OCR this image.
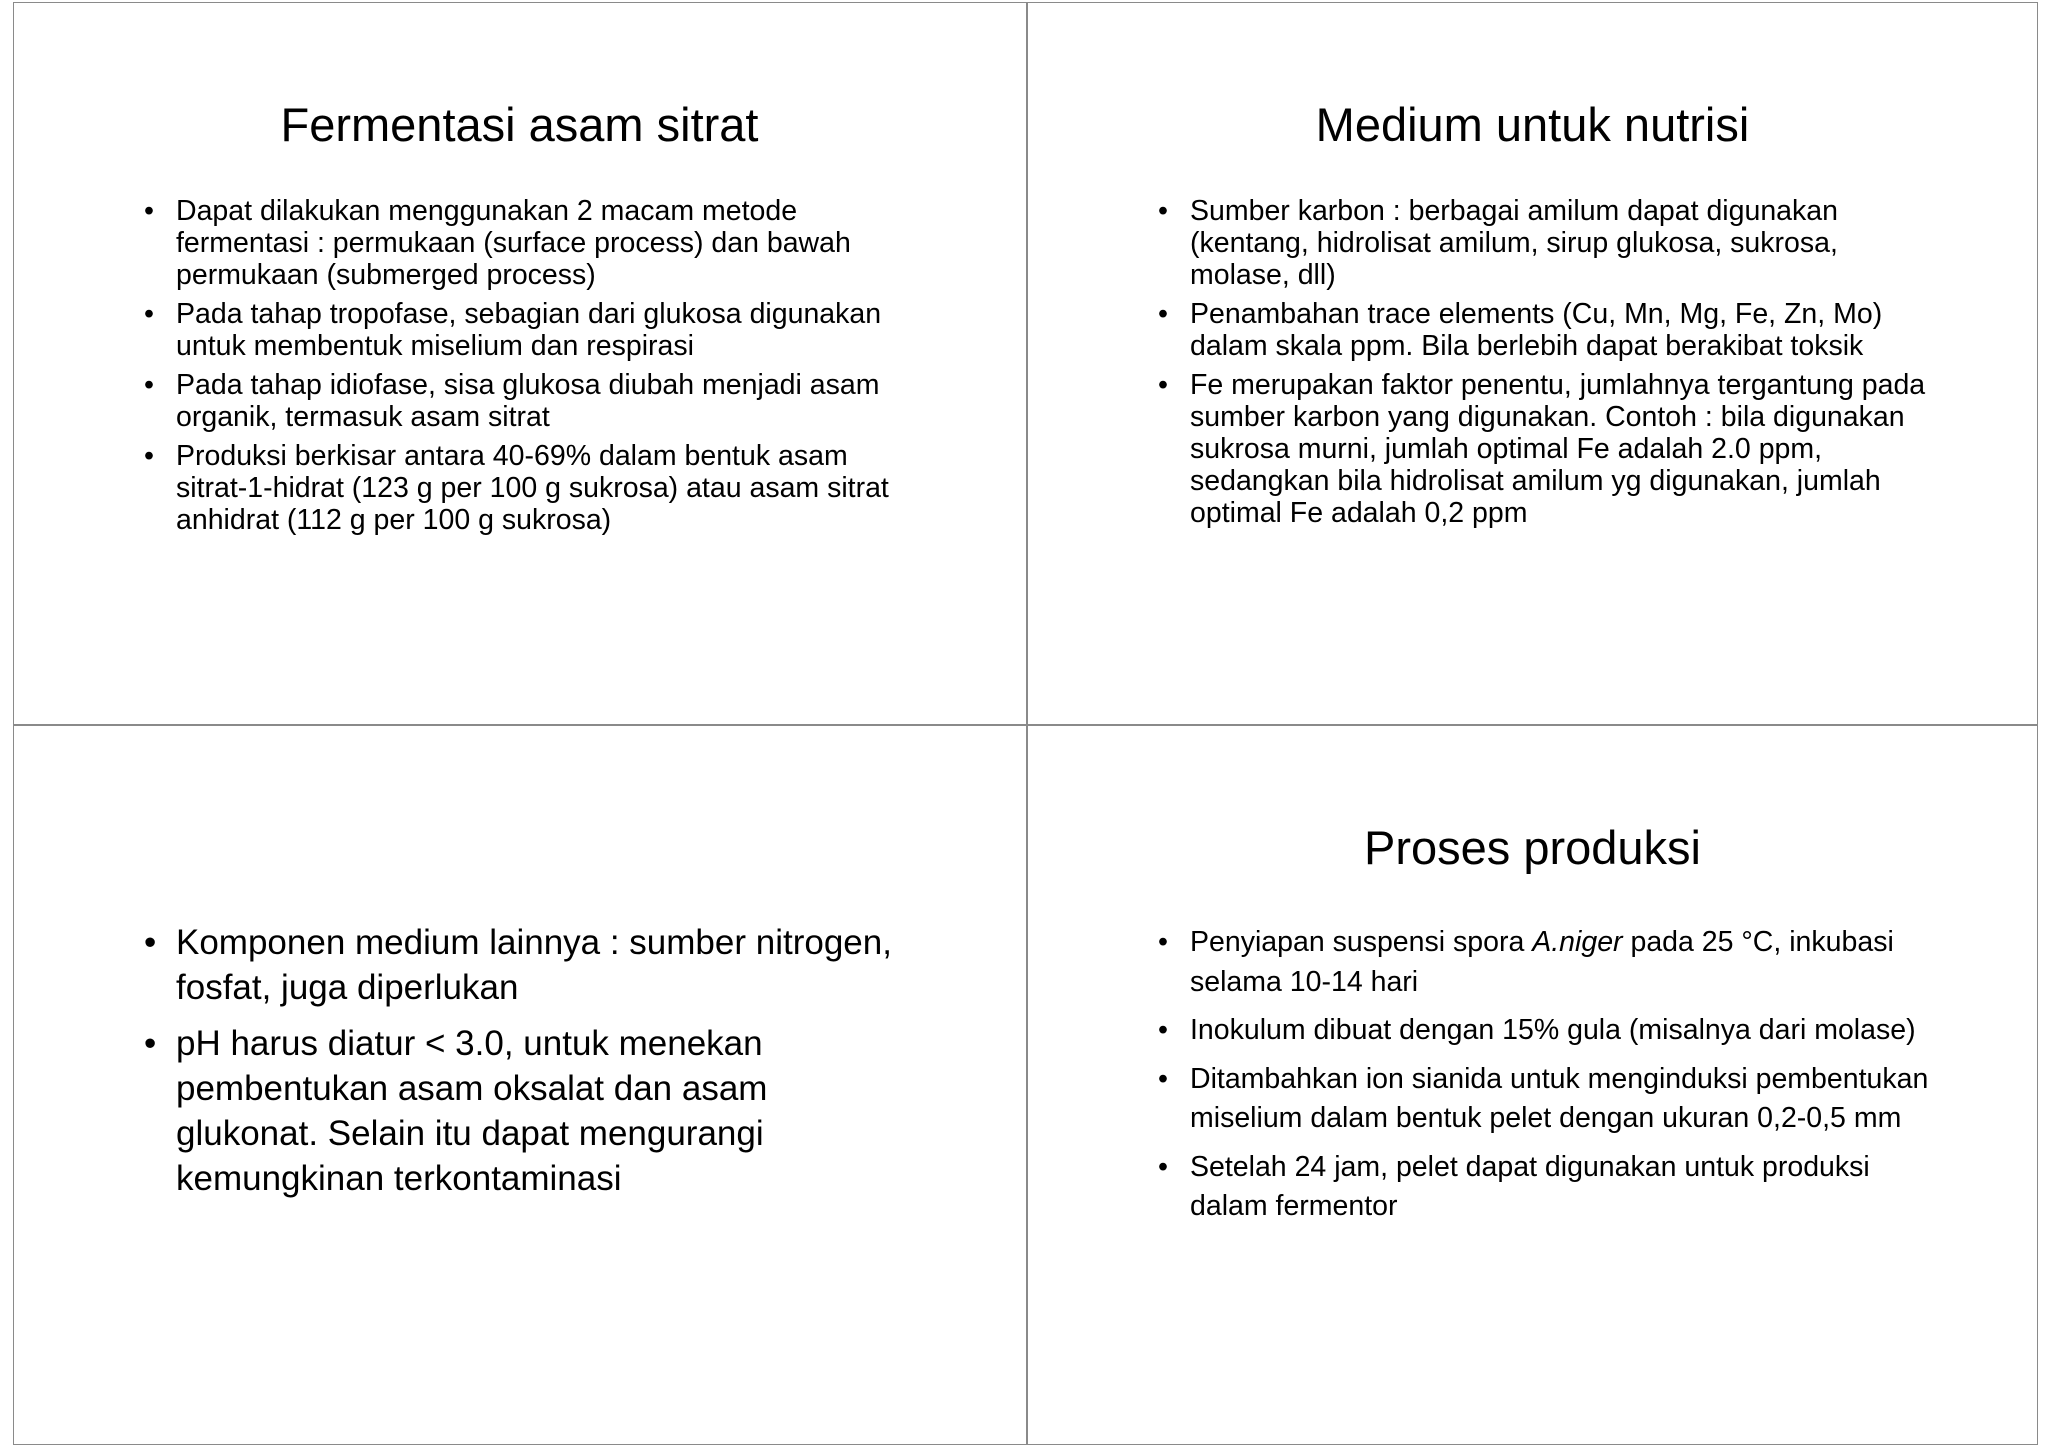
Fermentasi asam sitrat
• Dapat dilakukan menggunakan 2 macam metode fermentasi : permukaan (surface process) dan bawah permukaan (submerged process)
• Pada tahap tropofase, sebagian dari glukosa digunakan untuk membentuk miselium dan respirasi
• Pada tahap idiofase, sisa glukosa diubah menjadi asam organik, termasuk asam sitrat
• Produksi berkisar antara 40-69% dalam bentuk asam sitrat-1-hidrat (123 g per 100 g sukrosa) atau asam sitrat anhidrat (112 g per 100 g sukrosa)
Medium untuk nutrisi
• Sumber karbon : berbagai amilum dapat digunakan (kentang, hidrolisat amilum, sirup glukosa, sukrosa, molase, dll)
• Penambahan trace elements (Cu, Mn, Mg, Fe, Zn, Mo) dalam skala ppm. Bila berlebih dapat berakibat toksik
• Fe merupakan faktor penentu, jumlahnya tergantung pada sumber karbon yang digunakan. Contoh : bila digunakan sukrosa murni, jumlah optimal Fe adalah 2.0 ppm, sedangkan bila hidrolisat amilum yg digunakan, jumlah optimal Fe adalah 0,2 ppm
• Komponen medium lainnya : sumber nitrogen, fosfat, juga diperlukan
• pH harus diatur < 3.0, untuk menekan pembentukan asam oksalat dan asam glukonat. Selain itu dapat mengurangi kemungkinan terkontaminasi
Proses produksi
• Penyiapan suspensi spora A.niger pada 25 °C, inkubasi selama 10-14 hari
• Inokulum dibuat dengan 15% gula (misalnya dari molase)
• Ditambahkan ion sianida untuk menginduksi pembentukan miselium dalam bentuk pelet dengan ukuran 0,2-0,5 mm
• Setelah 24 jam, pelet dapat digunakan untuk produksi dalam fermentor
